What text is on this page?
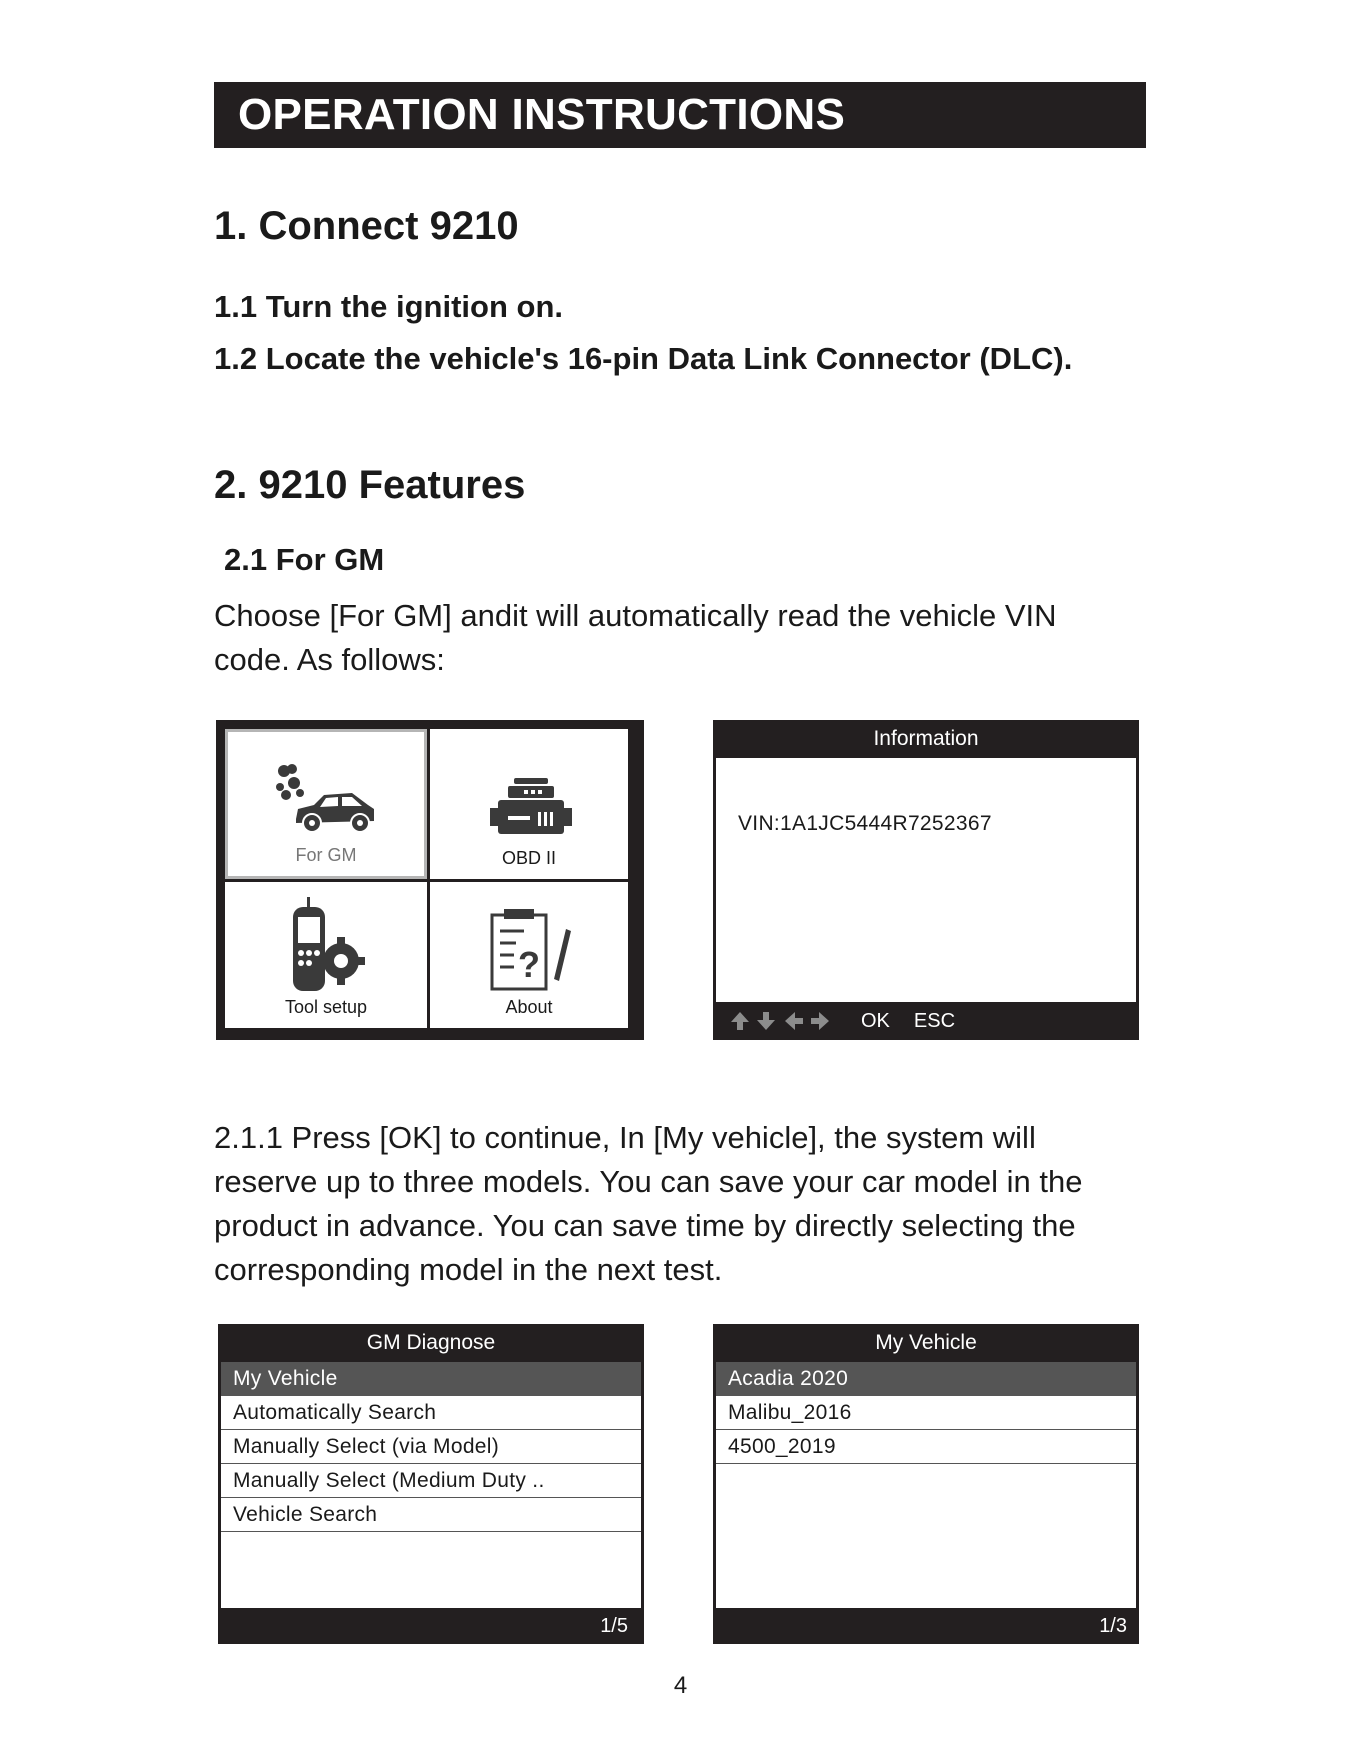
OPERATION INSTRUCTIONS
1. Connect 9210
1.1 Turn the ignition on.
1.2 Locate the vehicle's 16-pin Data Link Connector (DLC).
2. 9210 Features
2.1 For GM
Choose [For GM] andit will automatically read the vehicle VIN
code. As follows:
For GM	OBD II
Tool setup
?
About
Information
VIN:1A1JC5444R7252367
OK ESC
2.1.1 Press [OK] to continue, In [My vehicle], the system will
reserve up to three models. You can save your car model in the
product in advance. You can save time by directly selecting the
corresponding model in the next test.
GM Diagnose
My Vehicle
Automatically Search
Manually Select (via Model)
Manually Select (Medium Duty ..
Vehicle Search
1/5
My Vehicle
Acadia 2020
Malibu_2016
4500_2019
1/3
4
